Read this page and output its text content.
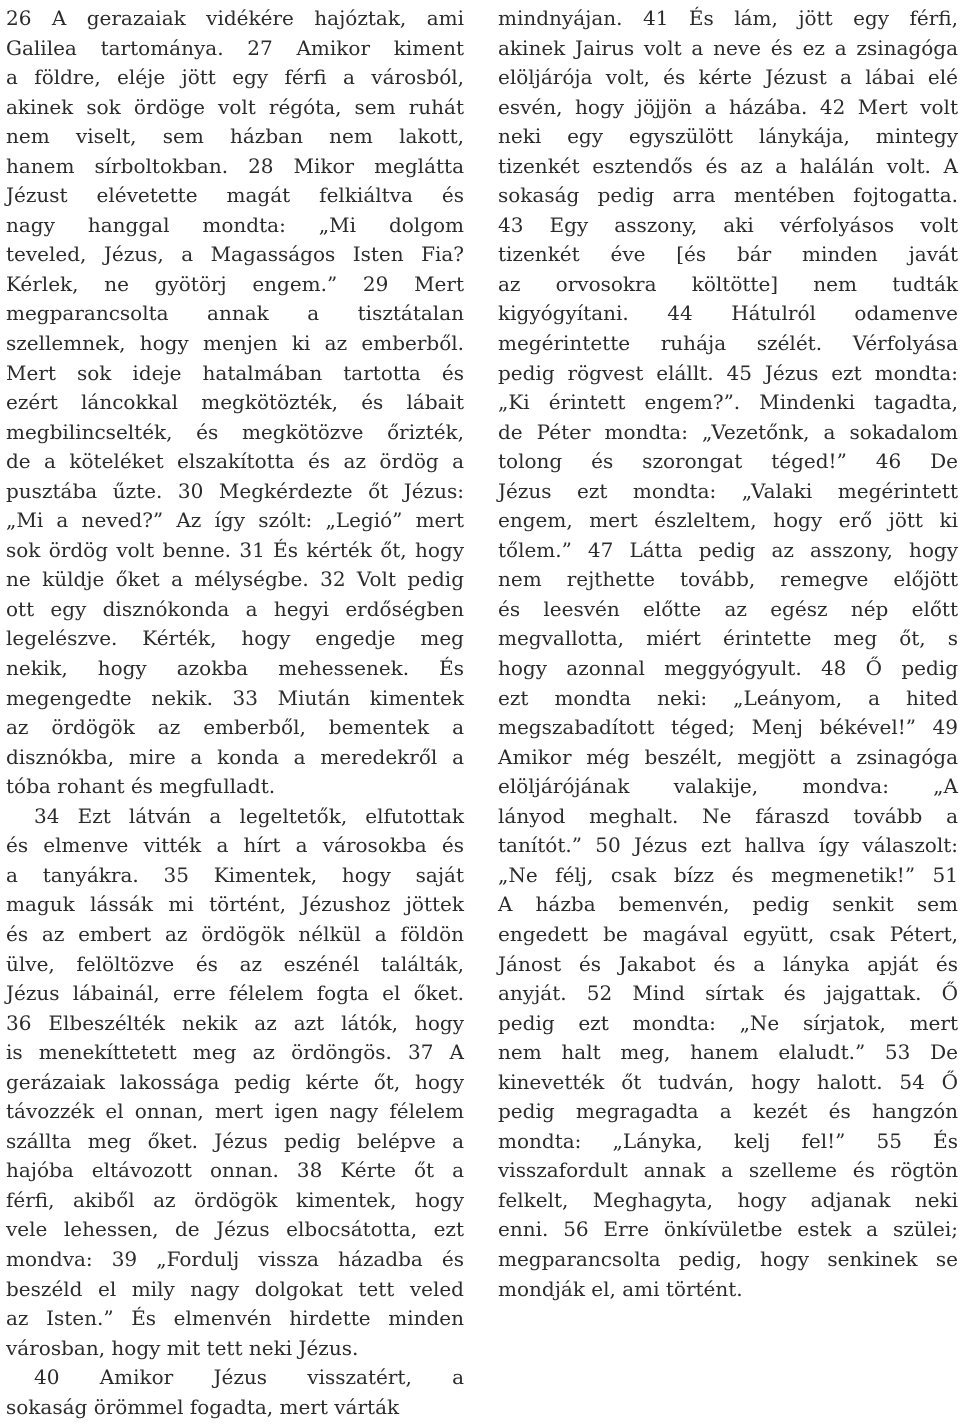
26 A gerazaiak vidékére hajóztak, ami
Galilea tartománya. 27 Amikor kiment
a földre, eléje jött egy férfi a városból,
akinek sok ördöge volt régóta, sem ruhát
nem viselt, sem házban nem lakott,
hanem sírboltokban. 28 Mikor meglátta
Jézust elévetette magát felkiáltva és
nagy hanggal mondta: „Mi dolgom
teveled, Jézus, a Magasságos Isten Fia?
Kérlek, ne gyötörj engem.” 29 Mert
megparancsolta annak a tisztátalan
szellemnek, hogy menjen ki az emberből.
Mert sok ideje hatalmában tartotta és
ezért láncokkal megkötözték, és lábait
megbilincselték, és megkötözve őrizték,
de a köteléket elszakította és az ördög a
pusztába űzte. 30 Megkérdezte őt Jézus:
„Mi a neved?” Az így szólt: „Legió” mert
sok ördög volt benne. 31 És kérték őt, hogy
ne küldje őket a mélységbe. 32 Volt pedig
ott egy disznókonda a hegyi erdőségben
legelészve. Kérték, hogy engedje meg
nekik, hogy azokba mehessenek. És
megengedte nekik. 33 Miután kimentek
az ördögök az emberből, bementek a
disznókba, mire a konda a meredekről a
tóba rohant és megfulladt.
34 Ezt látván a legeltetők, elfutottak
és elmenve vitték a hírt a városokba és
a tanyákra. 35 Kimentek, hogy saját
maguk lássák mi történt, Jézushoz jöttek
és az embert az ördögök nélkül a földön
ülve, felöltözve és az eszénél találták,
Jézus lábainál, erre félelem fogta el őket.
36 Elbeszélték nekik az azt látók, hogy
is menekíttetett meg az ördöngös. 37 A
gerázaiak lakossága pedig kérte őt, hogy
távozzék el onnan, mert igen nagy félelem
szállta meg őket. Jézus pedig belépve a
hajóba eltávozott onnan. 38 Kérte őt a
férfi, akiből az ördögök kimentek, hogy
vele lehessen, de Jézus elbocsátotta, ezt
mondva: 39 „Fordulj vissza házadba és
beszéld el mily nagy dolgokat tett veled
az Isten.” És elmenvén hirdette minden
városban, hogy mit tett neki Jézus.
40 Amikor Jézus visszatért, a
sokaság örömmel fogadta, mert várták
mindnyájan. 41 És lám, jött egy férfi,
akinek Jairus volt a neve és ez a zsinagóga
elöljárója volt, és kérte Jézust a lábai elé
esvén, hogy jöjjön a házába. 42 Mert volt
neki egy egyszülött lánykája, mintegy
tizenkét esztendős és az a halálán volt. A
sokaság pedig arra mentében fojtogatta.
43 Egy asszony, aki vérfolyásos volt
tizenkét éve [és bár minden javát
az orvosokra költötte] nem tudták
kigyógyítani. 44 Hátulról odamenve
megérintette ruhája szélét. Vérfolyása
pedig rögvest elállt. 45 Jézus ezt mondta:
„Ki érintett engem?”. Mindenki tagadta,
de Péter mondta: „Vezetőnk, a sokadalom
tolong és szorongat téged!” 46 De
Jézus ezt mondta: „Valaki megérintett
engem, mert észleltem, hogy erő jött ki
tőlem.” 47 Látta pedig az asszony, hogy
nem rejthette tovább, remegve előjött
és leesvén előtte az egész nép előtt
megvallotta, miért érintette meg őt, s
hogy azonnal meggyógyult. 48 Ő pedig
ezt mondta neki: „Leányom, a hited
megszabadított téged; Menj békével!” 49
Amikor még beszélt, megjött a zsinagóga
elöljárójának valakije, mondva: „A
lányod meghalt. Ne fáraszd tovább a
tanítót.” 50 Jézus ezt hallva így válaszolt:
„Ne félj, csak bízz és megmenetik!” 51
A házba bemenvén, pedig senkit sem
engedett be magával együtt, csak Pétert,
Jánost és Jakabot és a lányka apját és
anyját. 52 Mind sírtak és jajgattak. Ő
pedig ezt mondta: „Ne sírjatok, mert
nem halt meg, hanem elaludt.” 53 De
kinevették őt tudván, hogy halott. 54 Ő
pedig megragadta a kezét és hangzón
mondta: „Lányka, kelj fel!” 55 És
visszafordult annak a szelleme és rögtön
felkelt, Meghagyta, hogy adjanak neki
enni. 56 Erre önkívületbe estek a szülei;
megparancsolta pedig, hogy senkinek se
mondják el, ami történt.
